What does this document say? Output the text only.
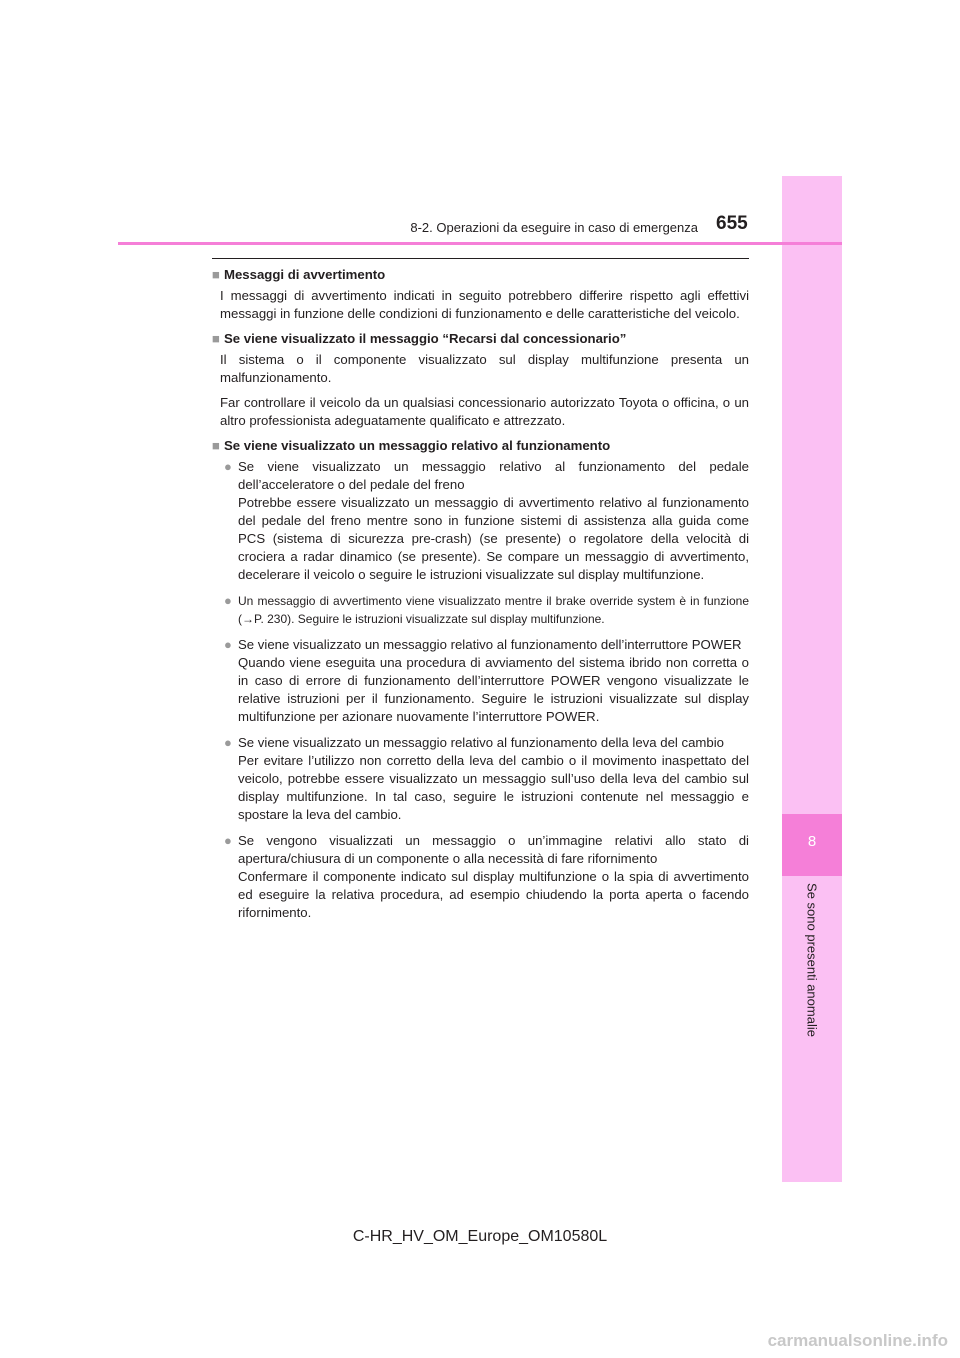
8
Se sono presenti anomalie
8-2. Operazioni da eseguire in caso di emergenza 655
■ Messaggi di avvertimento

I messaggi di avvertimento indicati in seguito potrebbero differire rispetto agli effettivi messaggi in funzione delle condizioni di funzionamento e delle caratteristiche del veicolo.

■ Se viene visualizzato il messaggio “Recarsi dal concessionario”

Il sistema o il componente visualizzato sul display multifunzione presenta un malfunzionamento.

Far controllare il veicolo da un qualsiasi concessionario autorizzato Toyota o officina, o un altro professionista adeguatamente qualificato e attrezzato.

■ Se viene visualizzato un messaggio relativo al funzionamento
● Se viene visualizzato un messaggio relativo al funzionamento del pedale dell’acceleratore o del pedale del freno

Potrebbe essere visualizzato un messaggio di avvertimento relativo al funzionamento del pedale del freno mentre sono in funzione sistemi di assistenza alla guida come PCS (sistema di sicurezza pre-crash) (se presente) o regolatore della velocità di crociera a radar dinamico (se presente). Se compare un messaggio di avvertimento, decelerare il veicolo o seguire le istruzioni visualizzate sul display multifunzione.

● Un messaggio di avvertimento viene visualizzato mentre il brake override system è in funzione (→P. 230). Seguire le istruzioni visualizzate sul display multifunzione.

● Se viene visualizzato un messaggio relativo al funzionamento dell’interruttore POWER

Quando viene eseguita una procedura di avviamento del sistema ibrido non corretta o in caso di errore di funzionamento dell’interruttore POWER vengono visualizzate le relative istruzioni per il funzionamento. Seguire le istruzioni visualizzate sul display multifunzione per azionare nuovamente l’interruttore POWER.

● Se viene visualizzato un messaggio relativo al funzionamento della leva del cambio

Per evitare l’utilizzo non corretto della leva del cambio o il movimento inaspettato del veicolo, potrebbe essere visualizzato un messaggio sull’uso della leva del cambio sul display multifunzione. In tal caso, seguire le istruzioni contenute nel messaggio e spostare la leva del cambio.

● Se vengono visualizzati un messaggio o un’immagine relativi allo stato di apertura/chiusura di un componente o alla necessità di fare rifornimento

Confermare il componente indicato sul display multifunzione o la spia di avvertimento ed eseguire la relativa procedura, ad esempio chiudendo la porta aperta o facendo rifornimento.

C-HR_HV_OM_Europe_OM10580L
carmanualsonline.info
